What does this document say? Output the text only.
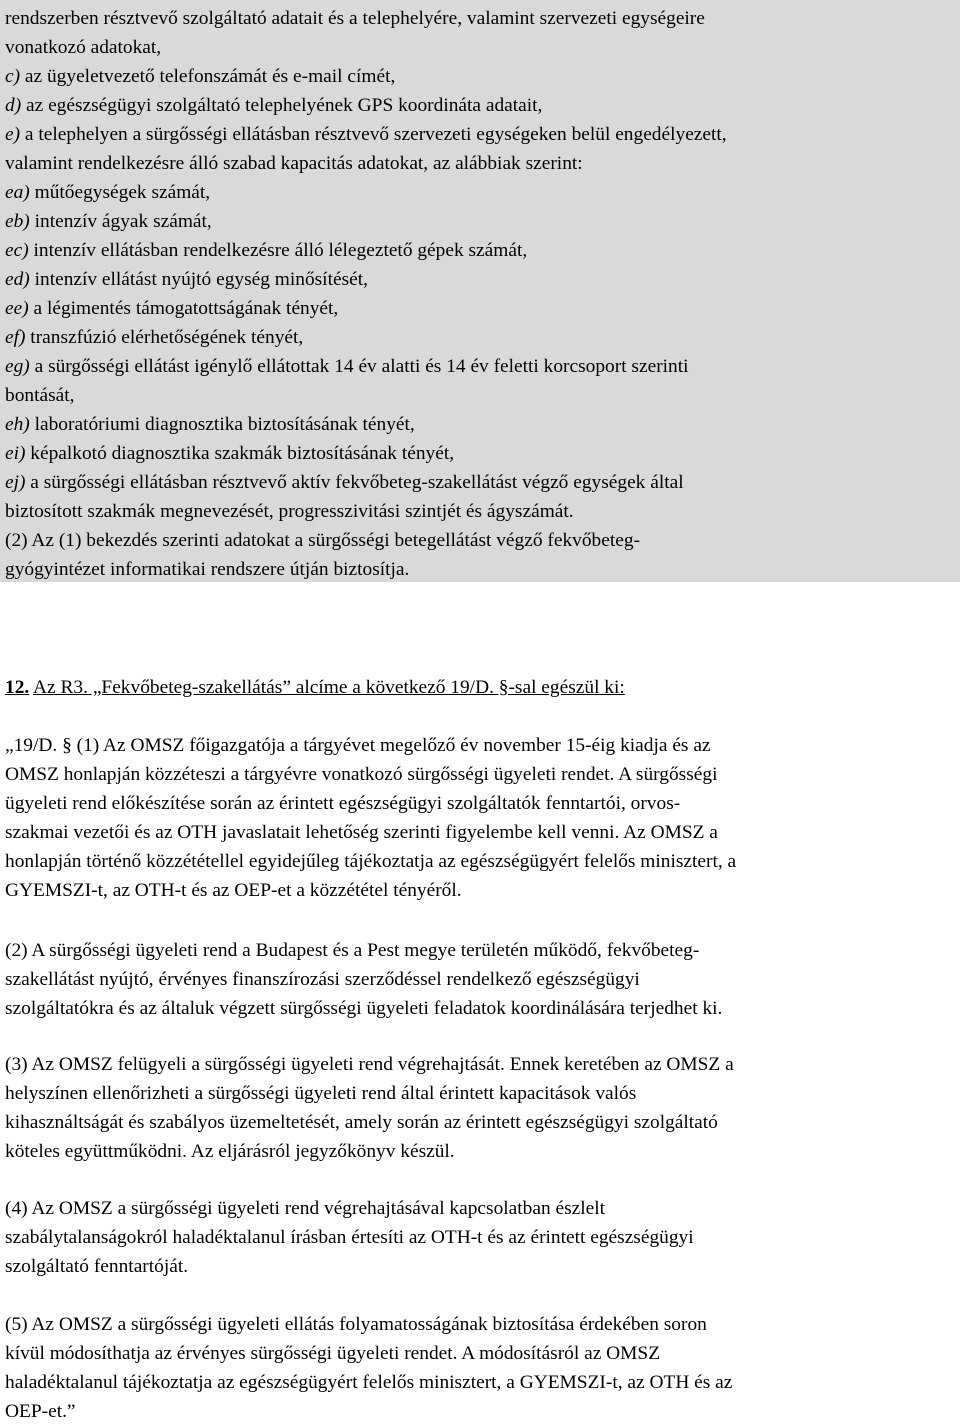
rendszerben résztvevő szolgáltató adatait és a telephelyére, valamint szervezeti egységeire
vonatkozó adatokat,
c) az ügyeletvezető telefonszámát és e-mail címét,
d) az egészségügyi szolgáltató telephelyének GPS koordináta adatait,
e) a telephelyen a sürgősségi ellátásban résztvevő szervezeti egységeken belül engedélyezett,
valamint rendelkezésre álló szabad kapacitás adatokat, az alábbiak szerint:
ea) műtőegységek számát,
eb) intenzív ágyak számát,
ec) intenzív ellátásban rendelkezésre álló lélegeztető gépek számát,
ed) intenzív ellátást nyújtó egység minősítését,
ee) a légimentés támogatottságának tényét,
ef) transzfúzió elérhetőségének tényét,
eg) a sürgősségi ellátást igénylő ellátottak 14 év alatti és 14 év feletti korcsoport szerinti
bontását,
eh) laboratóriumi diagnosztika biztosításának tényét,
ei) képalkotó diagnosztika szakmák biztosításának tényét,
ej) a sürgősségi ellátásban résztvevő aktív fekvőbeteg-szakellátást végző egységek által
biztosított szakmák megnevezését, progresszivitási szintjét és ágyszámát.
(2) Az (1) bekezdés szerinti adatokat a sürgősségi betegellátást végző fekvőbeteg-
gyógyintézet informatikai rendszere útján biztosítja.
12. Az R3. „Fekvőbeteg-szakellátás” alcíme a következő 19/D. §-sal egészül ki:
„19/D. § (1) Az OMSZ főigazgatója a tárgyévet megelőző év november 15-éig kiadja és az
OMSZ honlapján közzéteszi a tárgyévre vonatkozó sürgősségi ügyeleti rendet. A sürgősségi
ügyeleti rend előkészítése során az érintett egészségügyi szolgáltatók fenntartói, orvos-
szakmai vezetői és az OTH javaslatait lehetőség szerinti figyelembe kell venni. Az OMSZ a
honlapján történő közzététellel egyidejűleg tájékoztatja az egészségügyért felelős minisztert, a
GYEMSZI-t, az OTH-t és az OEP-et a közzététel tényéről.
(2) A sürgősségi ügyeleti rend a Budapest és a Pest megye területén működő, fekvőbeteg-
szakellátást nyújtó, érvényes finanszírozási szerződéssel rendelkező egészségügyi
szolgáltatókra és az általuk végzett sürgősségi ügyeleti feladatok koordinálására terjedhet ki.
(3) Az OMSZ felügyeli a sürgősségi ügyeleti rend végrehajtását. Ennek keretében az OMSZ a
helyszínen ellenőrizheti a sürgősségi ügyeleti rend által érintett kapacitások valós
kihasználtságát és szabályos üzemeltetését, amely során az érintett egészségügyi szolgáltató
köteles együttműködni. Az eljárásról jegyzőkönyv készül.
(4) Az OMSZ a sürgősségi ügyeleti rend végrehajtásával kapcsolatban észlelt
szabálytalanságokról haladéktalanul írásban értesíti az OTH-t és az érintett egészségügyi
szolgáltató fenntartóját.
(5) Az OMSZ a sürgősségi ügyeleti ellátás folyamatosságának biztosítása érdekében soron
kívül módosíthatja az érvényes sürgősségi ügyeleti rendet. A módosításról az OMSZ
haladéktalanul tájékoztatja az egészségügyért felelős minisztert, a GYEMSZI-t, az OTH és az
OEP-et.”
